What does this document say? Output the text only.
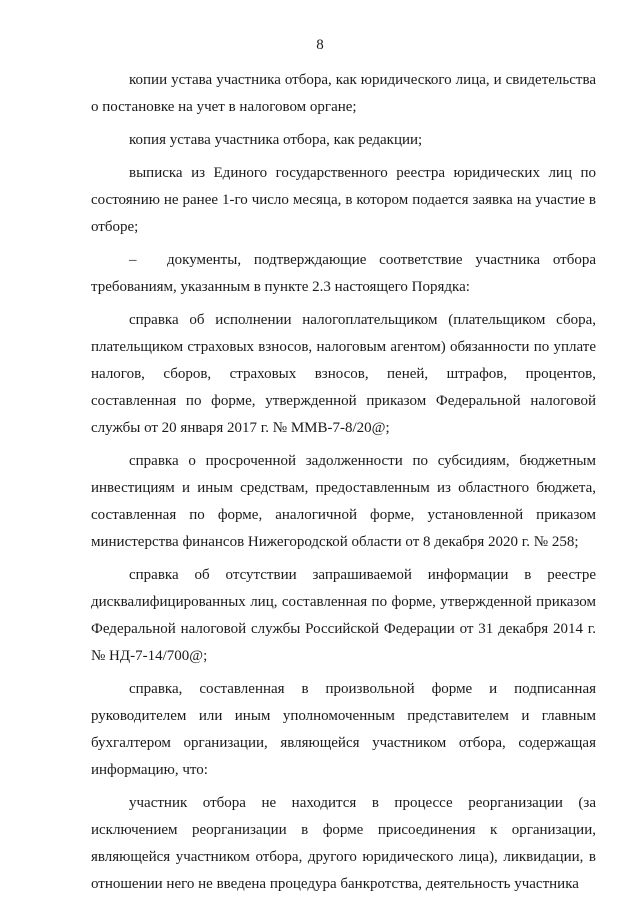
8

копии устава участника отбора, как юридического лица, и свидетельства о постановке на учет в налоговом органе;

копия устава участника отбора, как редакции;

выписка из Единого государственного реестра юридических лиц по состоянию не ранее 1-го число месяца, в котором подается заявка на участие в отборе;

– документы, подтверждающие соответствие участника отбора требованиям, указанным в пункте 2.3 настоящего Порядка:

справка об исполнении налогоплательщиком (плательщиком сбора, плательщиком страховых взносов, налоговым агентом) обязанности по уплате налогов, сборов, страховых взносов, пеней, штрафов, процентов, составленная по форме, утвержденной приказом Федеральной налоговой службы от 20 января 2017 г. № ММВ-7-8/20@;

справка о просроченной задолженности по субсидиям, бюджетным инвестициям и иным средствам, предоставленным из областного бюджета, составленная по форме, аналогичной форме, установленной приказом министерства финансов Нижегородской области от 8 декабря 2020 г. № 258;

справка об отсутствии запрашиваемой информации в реестре дисквалифицированных лиц, составленная по форме, утвержденной приказом Федеральной налоговой службы Российской Федерации от 31 декабря 2014 г. № НД-7-14/700@;

справка, составленная в произвольной форме и подписанная руководителем или иным уполномоченным представителем и главным бухгалтером организации, являющейся участником отбора, содержащая информацию, что:

участник отбора не находится в процессе реорганизации (за исключением реорганизации в форме присоединения к организации, являющейся участником отбора, другого юридического лица), ликвидации, в отношении него не введена процедура банкротства, деятельность участника
